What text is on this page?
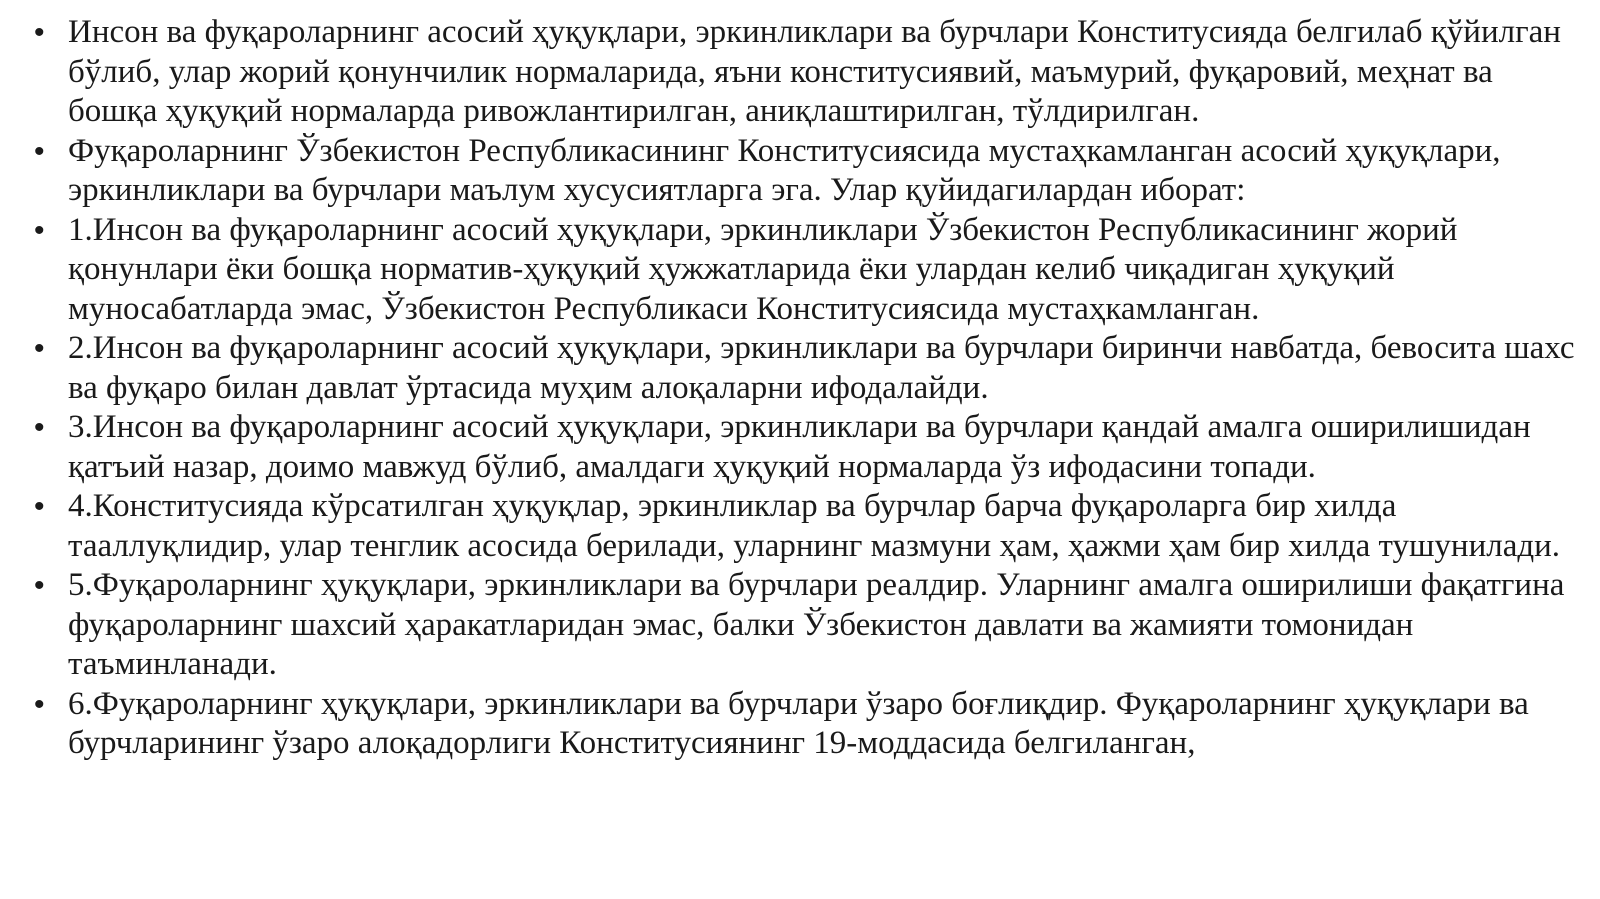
• Инсон ва фуқароларнинг асосий ҳуқуқлари, эркинликлари ва бурчлари Конститусияда белгилаб қўйилган бўлиб, улар жорий қонунчилик нормаларида, яъни конститусиявий, маъмурий, фуқаровий, меҳнат ва бошқа ҳуқуқий нормаларда ривожлантирилган, аниқлаштирилган, тўлдирилган.
• Фуқароларнинг Ўзбекистон Республикасининг Конститусиясида мустаҳкамланган асосий ҳуқуқлари, эркинликлари ва бурчлари маълум хусусиятларга эга. Улар қуйидагилардан иборат:
• 1.Инсон ва фуқароларнинг асосий ҳуқуқлари, эркинликлари Ўзбекистон Республикасининг жорий қонунлари ёки бошқа норматив-ҳуқуқий ҳужжатларида ёки улардан келиб чиқадиган ҳуқуқий муносабатларда эмас, Ўзбекистон Республикаси Конститусиясида мустаҳкамланган.
• 2.Инсон ва фуқароларнинг асосий ҳуқуқлари, эркинликлари ва бурчлари биринчи навбатда, бевосита шахс ва фуқаро билан давлат ўртасида муҳим алоқаларни ифодалайди.
• 3.Инсон ва фуқароларнинг асосий ҳуқуқлари, эркинликлари ва бурчлари қандай амалга оширилишидан қатъий назар, доимо мавжуд бўлиб, амалдаги ҳуқуқий нормаларда ўз ифодасини топади.
• 4.Конститусияда кўрсатилган ҳуқуқлар, эркинликлар ва бурчлар барча фуқароларга бир хилда тааллуқлидир, улар тенглик асосида берилади, уларнинг мазмуни ҳам, ҳажми ҳам бир хилда тушунилади.
• 5.Фуқароларнинг ҳуқуқлари, эркинликлари ва бурчлари реалдир. Уларнинг амалга оширилиши фақатгина фуқароларнинг шахсий ҳаракатларидан эмас, балки Ўзбекистон давлати ва жамияти томонидан таъминланади.
• 6.Фуқароларнинг ҳуқуқлари, эркинликлари ва бурчлари ўзаро боғлиқдир. Фуқароларнинг ҳуқуқлари ва бурчларининг ўзаро алоқадорлиги Конститусиянинг 19-моддасида белгиланган,
